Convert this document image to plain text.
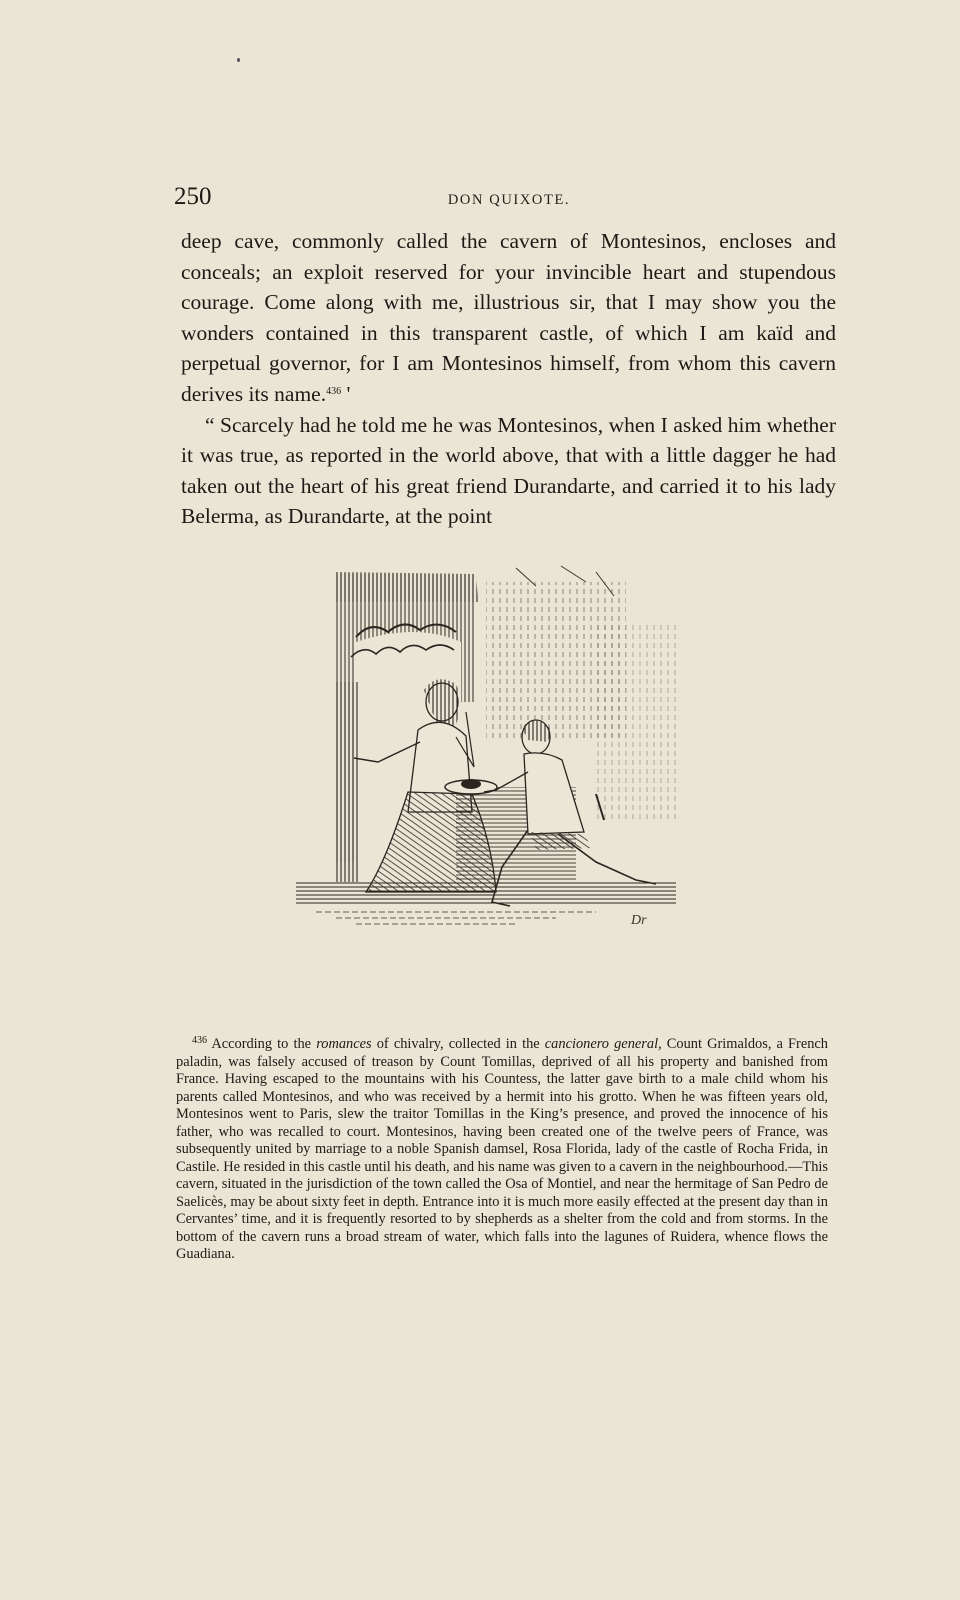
250	DON QUIXOTE.

deep cave, commonly called the cavern of Montesinos, encloses and conceals; an exploit reserved for your invincible heart and stupendous courage. Come along with me, illustrious sir, that I may show you the wonders contained in this transparent castle, of which I am kaïd and perpetual governor, for I am Montesinos himself, from whom this cavern derives its name.$^{436}$ '

“ Scarcely had he told me he was Montesinos, when I asked him whether it was true, as reported in the world above, that with a little dagger he had taken out the heart of his great friend Durandarte, and carried it to his lady Belerma, as Durandarte, at the point

Dr

$^{436}$ According to the romances of chivalry, collected in the cancionero general, Count Grimaldos, a French paladin, was falsely accused of treason by Count Tomillas, deprived of all his property and banished from France. Having escaped to the mountains with his Countess, the latter gave birth to a male child whom his parents called Montesinos, and who was received by a hermit into his grotto. When he was fifteen years old, Montesinos went to Paris, slew the traitor Tomillas in the King’s presence, and proved the innocence of his father, who was recalled to court. Montesinos, having been created one of the twelve peers of France, was subsequently united by marriage to a noble Spanish damsel, Rosa Florida, lady of the castle of Rocha Frida, in Castile. He resided in this castle until his death, and his name was given to a cavern in the neighbourhood.—This cavern, situated in the jurisdiction of the town called the Osa of Montiel, and near the hermitage of San Pedro de Saelicès, may be about sixty feet in depth. Entrance into it is much more easily effected at the present day than in Cervantes’ time, and it is frequently resorted to by shepherds as a shelter from the cold and from storms. In the bottom of the cavern runs a broad stream of water, which falls into the lagunes of Ruidera, whence flows the Guadiana.
